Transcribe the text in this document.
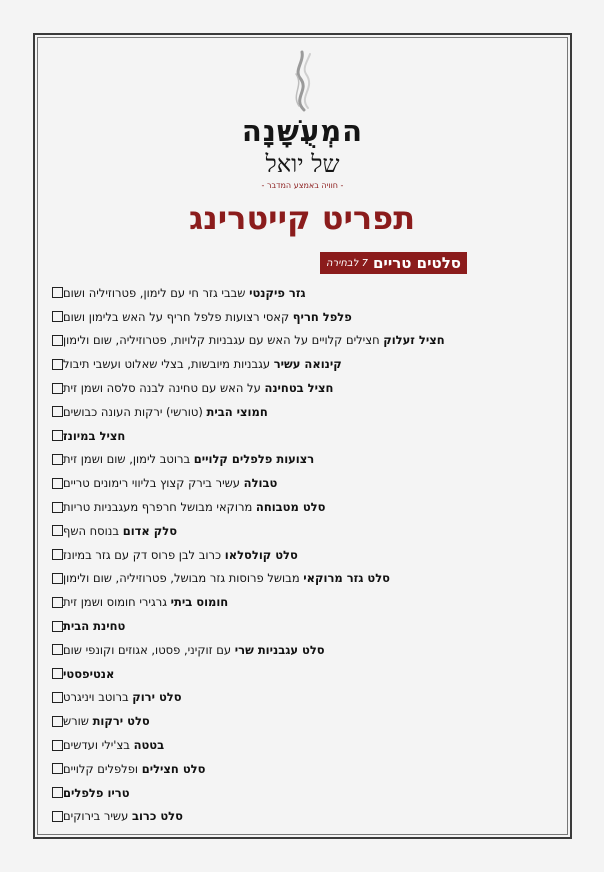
המְעֻשָּׁנָה
של יואל
- חוויה באמצע המדבר -
תפריט קייטרינג
סלטים טריים
7 לבחירה
גזר פיקנטי שבבי גזר חי עם לימון, פטרוזיליה ושום
פלפל חריף קאסי רצועות פלפל חריף על האש בלימון ושום
חציל זעלוק חצילים קלויים על האש עם עגבניות קלויות, פטרוזיליה, שום ולימון
קינואה עשיר עגבניות מיובשות, בצלי שאלוט ועשבי תיבול
חציל בטחינה על האש עם טחינה לבנה סלסה ושמן זית
חמוצי הבית (טורשי) ירקות העונה כבושים
חציל במיונז
רצועות פלפלים קלויים ברוטב לימון, שום ושמן זית
טבולה עשיר בירק קצוץ בליווי רימונים טריים
סלט מטבוחה מרוקאי מבושל חרפרף מעגבניות טריות
סלק אדום בנוסח השף
סלט קולסלאו כרוב לבן פרוס דק עם גזר במיונז
סלט גזר מרוקאי מבושל פרוסות גזר מבושל, פטרוזיליה, שום ולימון
חומוס ביתי גרגירי חומוס ושמן זית
טחינת הבית
סלט עגבניות שרי עם זוקיני, פסטו, אגוזים וקונפי שום
אנטיפסטי
סלט ירוק ברוטב ויניגרט
סלט ירקות שורש
בטטה בצ'ילי ועדשים
סלט חצילים ופלפלים קלויים
טריו פלפלים
סלט כרוב עשיר בירוקים
